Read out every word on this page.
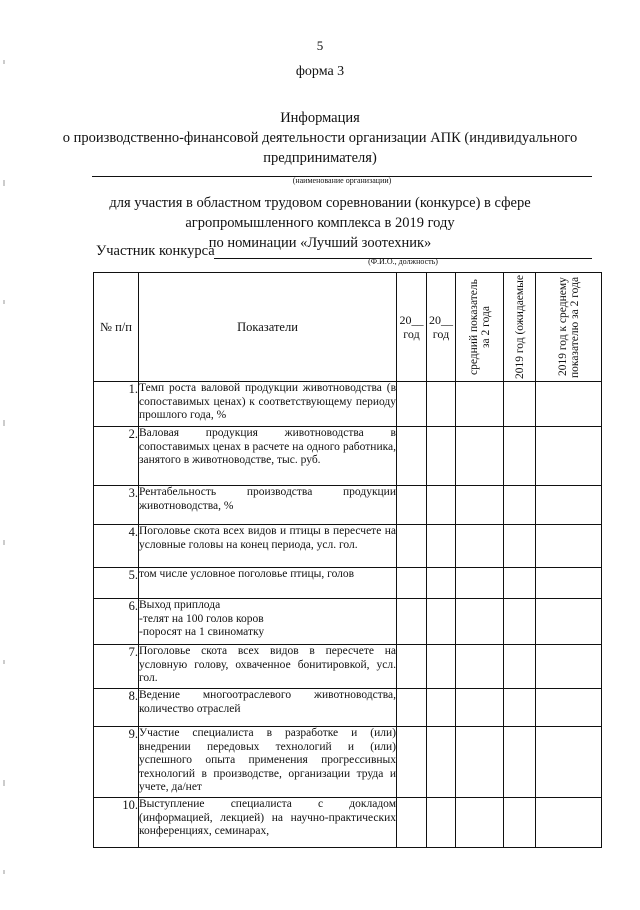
5
форма 3
Информация
о производственно-финансовой деятельности организации АПК (индивидуального
предпринимателя)
(наименование организации)
для участия в областном трудовом соревновании (конкурсе) в сфере
агропромышленного комплекса в 2019 году
по номинации «Лучший зоотехник»
Участник конкурса
(Ф.И.О., должность)
№ п/п	Показатели	20__ год	20__ год	средний показатель за 2 года	2019 год (ожидаемые	2019 год к среднему показателю за 2 года

1.	Темп роста валовой продукции животноводства (в сопоставимых ценах) к соответствующему периоду прошлого года, %					
2.	Валовая продукция животноводства в сопоставимых ценах в расчете на одного работника, занятого в животноводстве, тыс. руб.					
3.	Рентабельность производства продукции животноводства, %					
4.	Поголовье скота всех видов и птицы в пересчете на условные головы на конец периода, усл. гол.					
5.	том числе условное поголовье птицы, голов					
6.	Выход приплода
-телят на 100 голов коров
-поросят на 1 свиноматку					
7.	Поголовье скота всех видов в пересчете на условную голову, охваченное бонитировкой, усл. гол.					
8.	Ведение многоотраслевого животноводства, количество отраслей					
9.	Участие специалиста в разработке и (или) внедрении передовых технологий и (или) успешного опыта применения прогрессивных технологий в производстве, организации труда и учете, да/нет					
10.	Выступление специалиста с докладом (информацией, лекцией) на научно-практических конференциях, семинарах,					
